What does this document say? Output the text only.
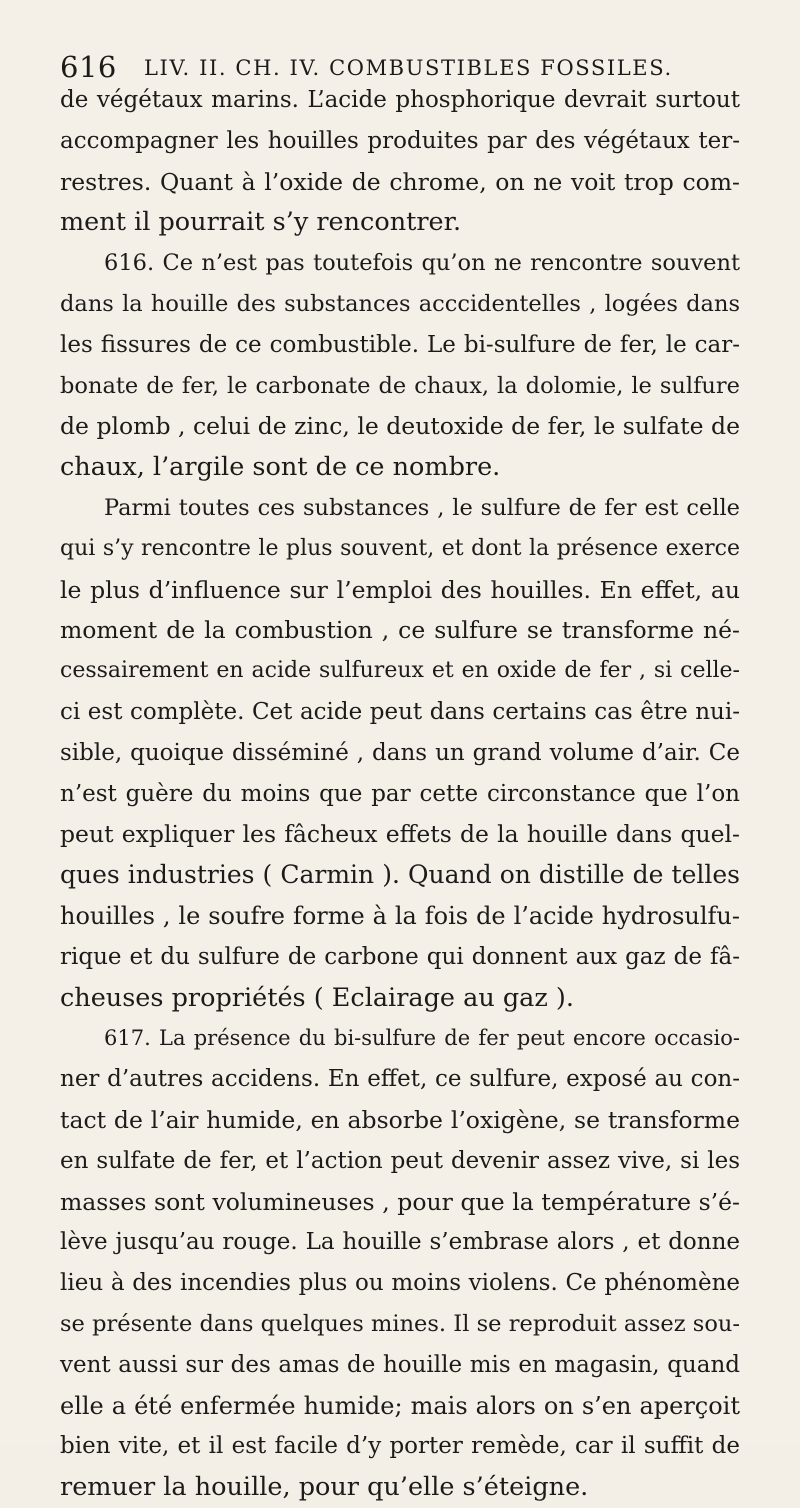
616 LIV. II. CH. IV. COMBUSTIBLES FOSSILES.
de végétaux marins. L’acide phosphorique devrait surtout
accompagner les houilles produites par des végétaux ter-
restres. Quant à l’oxide de chrome, on ne voit trop com-
ment il pourrait s’y rencontrer.
616. Ce n’est pas toutefois qu’on ne rencontre souvent
dans la houille des substances acccidentelles , logées dans
les fissures de ce combustible. Le bi-sulfure de fer, le car-
bonate de fer, le carbonate de chaux, la dolomie, le sulfure
de plomb , celui de zinc, le deutoxide de fer, le sulfate de
chaux, l’argile sont de ce nombre.
Parmi toutes ces substances , le sulfure de fer est celle
qui s’y rencontre le plus souvent, et dont la présence exerce
le plus d’influence sur l’emploi des houilles. En effet, au
moment de la combustion , ce sulfure se transforme né-
cessairement en acide sulfureux et en oxide de fer , si celle-
ci est complète. Cet acide peut dans certains cas être nui-
sible, quoique disséminé , dans un grand volume d’air. Ce
n’est guère du moins que par cette circonstance que l’on
peut expliquer les fâcheux effets de la houille dans quel-
ques industries ( Carmin ). Quand on distille de telles
houilles , le soufre forme à la fois de l’acide hydrosulfu-
rique et du sulfure de carbone qui donnent aux gaz de fâ-
cheuses propriétés ( Eclairage au gaz ).
617. La présence du bi-sulfure de fer peut encore occasio-
ner d’autres accidens. En effet, ce sulfure, exposé au con-
tact de l’air humide, en absorbe l’oxigène, se transforme
en sulfate de fer, et l’action peut devenir assez vive, si les
masses sont volumineuses , pour que la température s’é-
lève jusqu’au rouge. La houille s’embrase alors , et donne
lieu à des incendies plus ou moins violens. Ce phénomène
se présente dans quelques mines. Il se reproduit assez sou-
vent aussi sur des amas de houille mis en magasin, quand
elle a été enfermée humide; mais alors on s’en aperçoit
bien vite, et il est facile d’y porter remède, car il suffit de
remuer la houille, pour qu’elle s’éteigne.
